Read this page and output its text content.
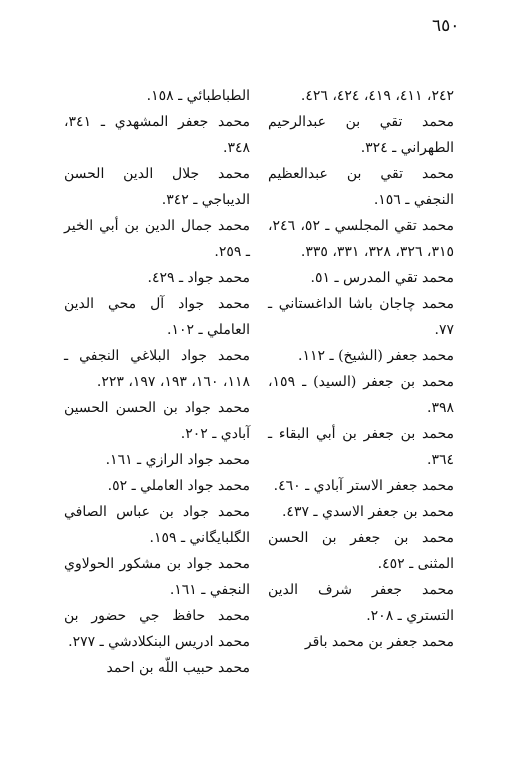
٦٥٠

٢٤٢، ٤١١، ٤١٩، ٤٢٤، ٤٢٦.

محمد تقي بن عبدالرحيم الطهراني ـ ٣٢٤.

محمد تقي بن عبدالعظيم النجفي ـ ١٥٦.

محمد تقي المجلسي ـ ٥٢، ٢٤٦، ٣١٥، ٣٢٦، ٣٢٨، ٣٣١، ٣٣٥.

محمد تقي المدرس ـ ٥١.

محمد چاجان باشا الداغستاني ـ ٧٧.

محمد جعفر (الشيخ) ـ ١١٢.

محمد بن جعفر (السيد) ـ ١٥٩، ٣٩٨.

محمد بن جعفر بن أبي البقاء ـ ٣٦٤.

محمد جعفر الاستر آبادي ـ ٤٦٠.

محمد بن جعفر الاسدي ـ ٤٣٧.

محمد بن جعفر بن الحسن المثنى ـ ٤٥٢.

محمد جعفر شرف الدين التستري ـ ٢٠٨.

محمد جعفر بن محمد باقر

الطباطبائي ـ ١٥٨.

محمد جعفر المشهدي ـ ٣٤١، ٣٤٨.

محمد جلال الدين الحسن الديباجي ـ ٣٤٢.

محمد جمال الدين بن أبي الخير ـ ٢٥٩.

محمد جواد ـ ٤٢٩.

محمد جواد آل محي الدين العاملي ـ ١٠٢.

محمد جواد البلاغي النجفي ـ ١١٨، ١٦٠، ١٩٣، ١٩٧، ٢٢٣.

محمد جواد بن الحسن الحسين آبادي ـ ٢٠٢.

محمد جواد الرازي ـ ١٦١.

محمد جواد العاملي ـ ٥٢.

محمد جواد بن عباس الصافي الگلبايگاني ـ ١٥٩.

محمد جواد بن مشكور الحولاوي النجفي ـ ١٦١.

محمد حافظ جي حضور بن محمد ادريس البنكلادشي ـ ٢٧٧.

محمد حبيب اللّه بن احمد
